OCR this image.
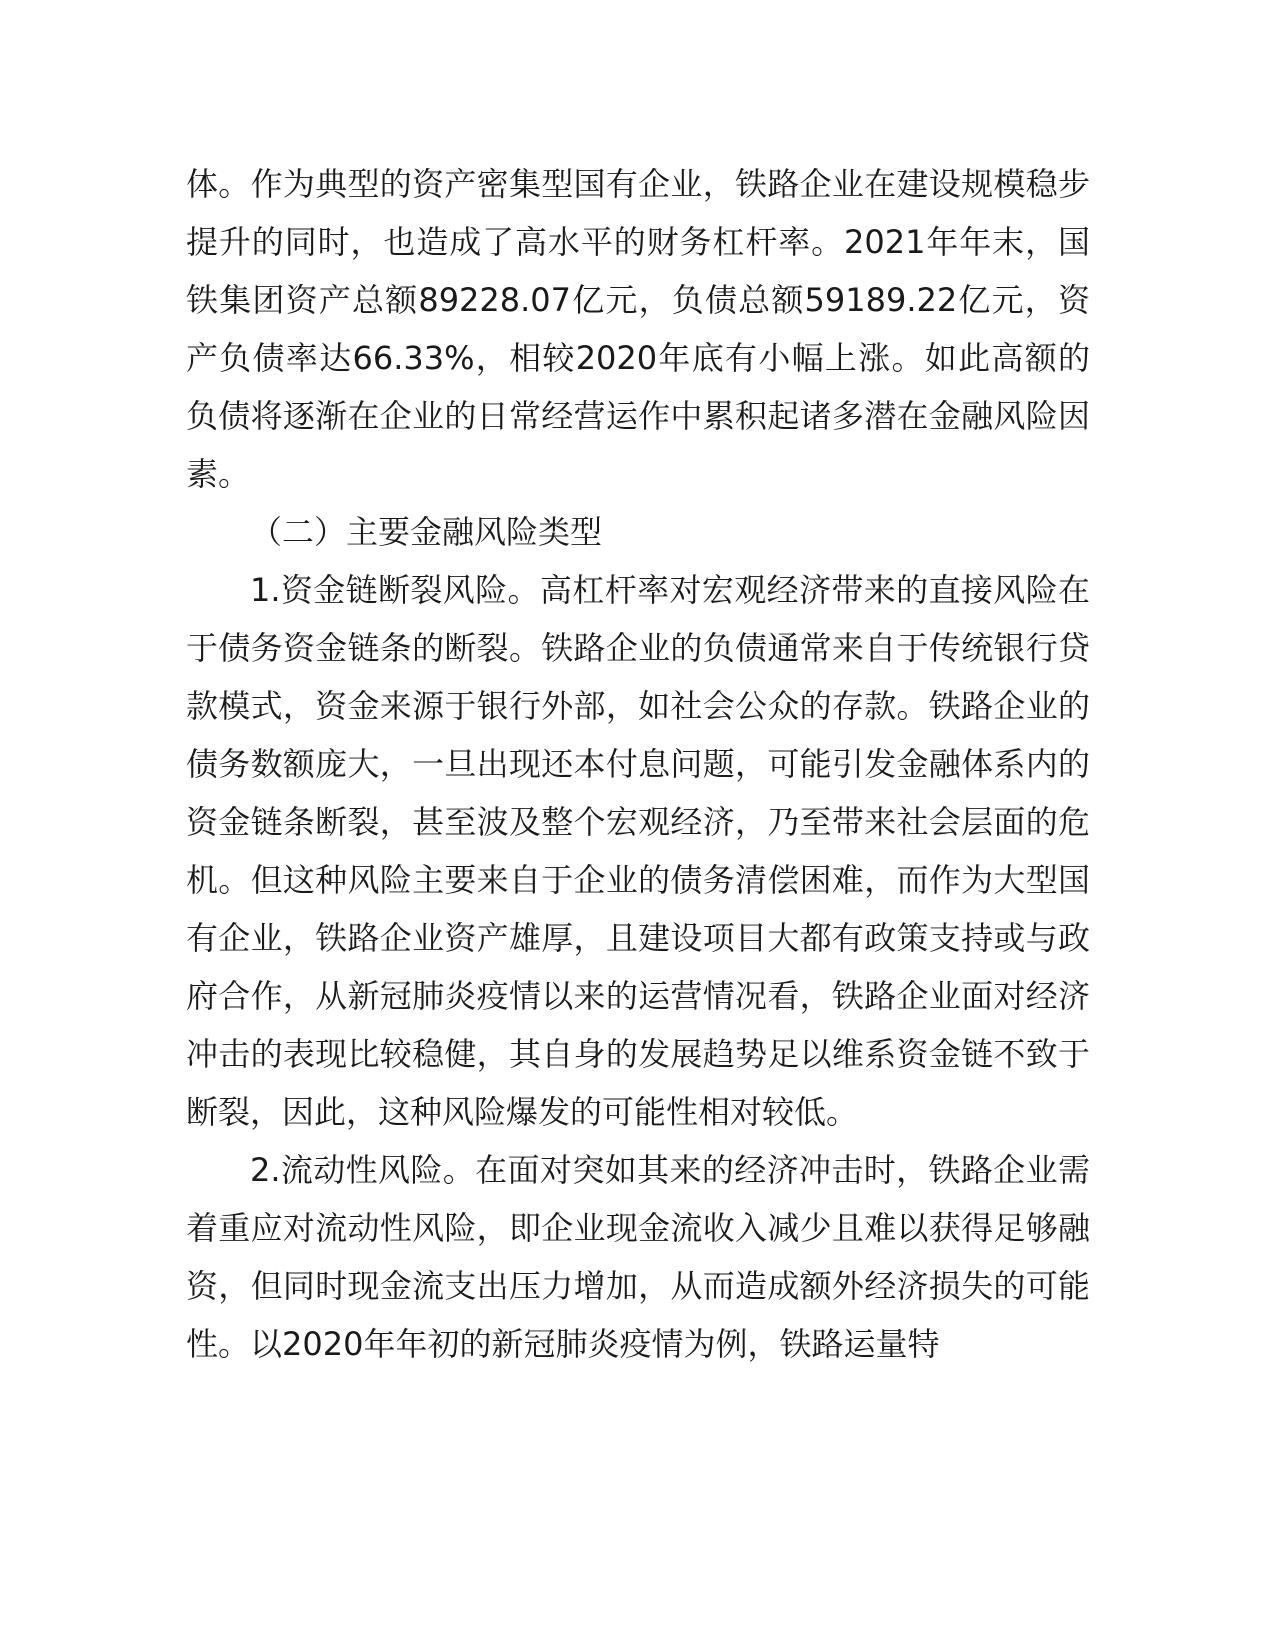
体。作为典型的资产密集型国有企业，铁路企业在建设规模稳步提升的同时，也造成了高水平的财务杠杆率。2021年年末，国铁集团资产总额89228.07亿元，负债总额59189.22亿元，资产负债率达66.33%，相较2020年底有小幅上涨。如此高额的负债将逐渐在企业的日常经营运作中累积起诸多潜在金融风险因素。

（二）主要金融风险类型

1.资金链断裂风险。高杠杆率对宏观经济带来的直接风险在于债务资金链条的断裂。铁路企业的负债通常来自于传统银行贷款模式，资金来源于银行外部，如社会公众的存款。铁路企业的债务数额庞大，一旦出现还本付息问题，可能引发金融体系内的资金链条断裂，甚至波及整个宏观经济，乃至带来社会层面的危机。但这种风险主要来自于企业的债务清偿困难，而作为大型国有企业，铁路企业资产雄厚，且建设项目大都有政策支持或与政府合作，从新冠肺炎疫情以来的运营情况看，铁路企业面对经济冲击的表现比较稳健，其自身的发展趋势足以维系资金链不致于断裂，因此，这种风险爆发的可能性相对较低。

2.流动性风险。在面对突如其来的经济冲击时，铁路企业需着重应对流动性风险，即企业现金流收入减少且难以获得足够融资，但同时现金流支出压力增加，从而造成额外经济损失的可能性。以2020年年初的新冠肺炎疫情为例，铁路运量特
